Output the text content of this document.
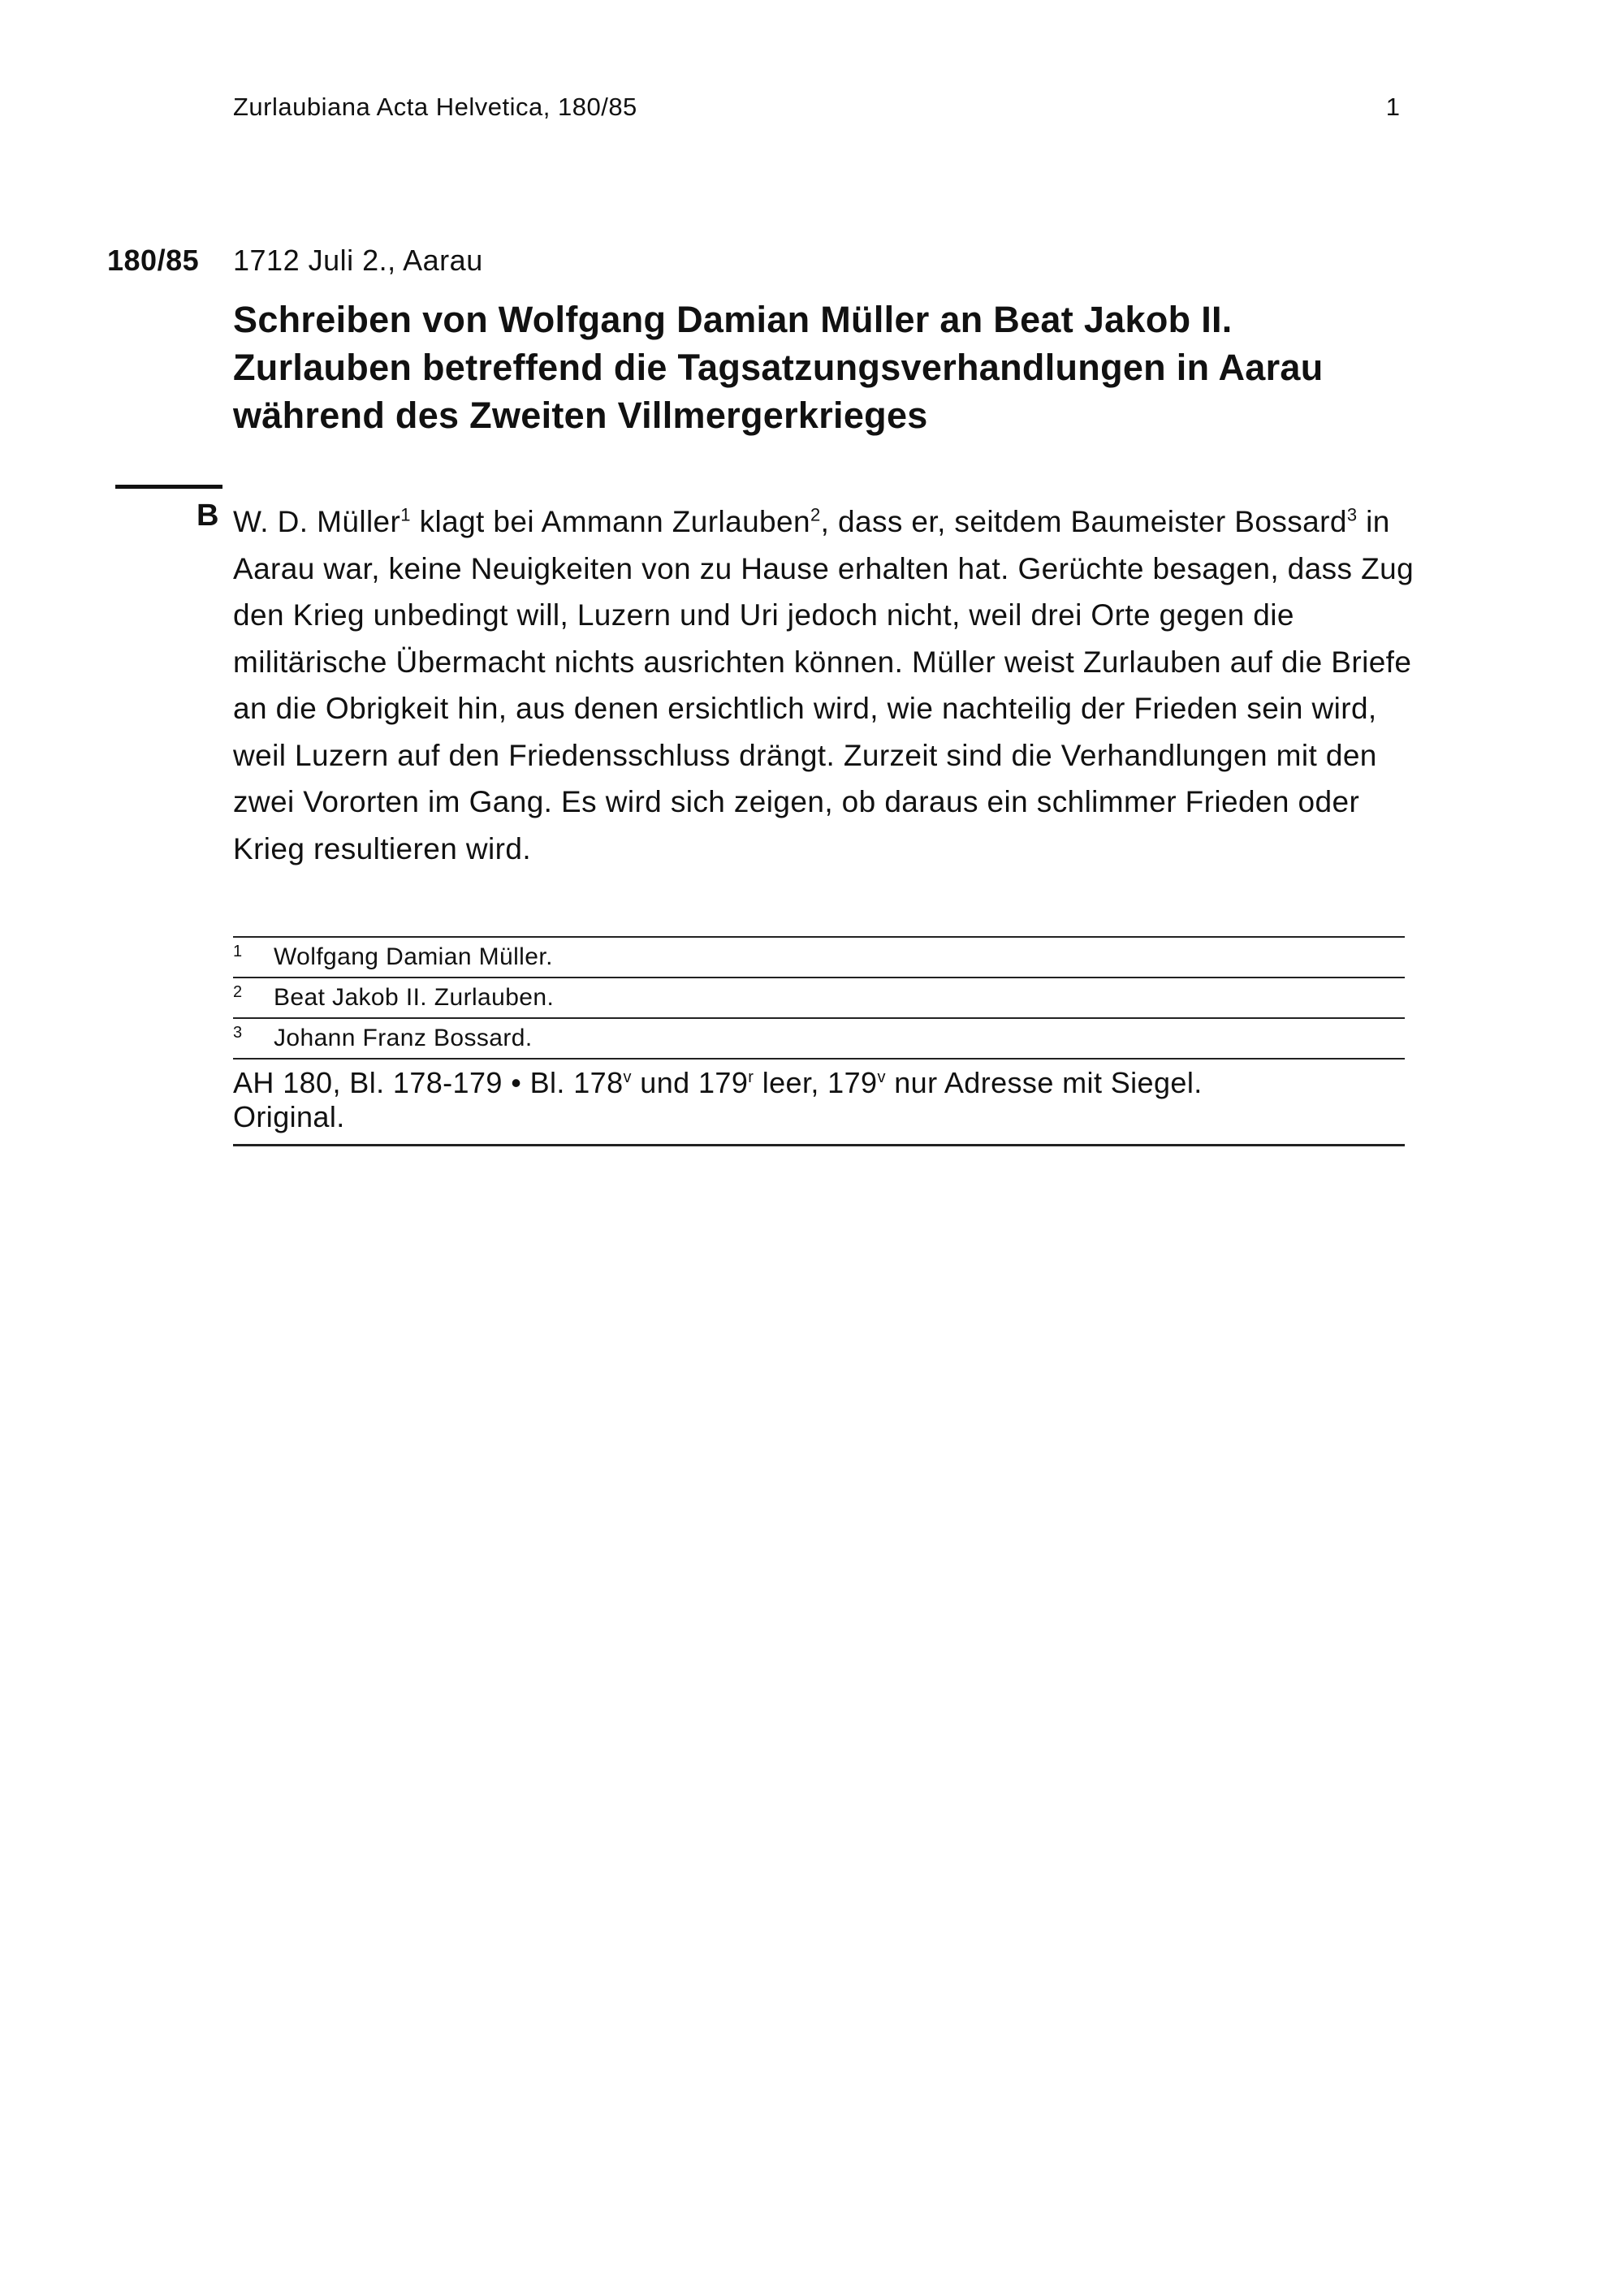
Zurlaubiana Acta Helvetica, 180/85	1
180/85 1712 Juli 2., Aarau
Schreiben von Wolfgang Damian Müller an Beat Jakob II. Zurlauben betreffend die Tagsatzungsverhandlungen in Aarau während des Zweiten Villmergerkrieges
B W. D. Müller$^1$ klagt bei Ammann Zurlauben$^2$, dass er, seitdem Baumeister Bossard$^3$ in Aarau war, keine Neuigkeiten von zu Hause erhalten hat. Gerüchte besagen, dass Zug den Krieg unbedingt will, Luzern und Uri jedoch nicht, weil drei Orte gegen die militärische Übermacht nichts ausrichten können. Müller weist Zurlauben auf die Briefe an die Obrigkeit hin, aus denen ersichtlich wird, wie nachteilig der Frieden sein wird, weil Luzern auf den Friedensschluss drängt. Zurzeit sind die Verhandlungen mit den zwei Vororten im Gang. Es wird sich zeigen, ob daraus ein schlimmer Frieden oder Krieg resultieren wird.

1	Wolfgang Damian Müller.
2	Beat Jakob II. Zurlauben.
3	Johann Franz Bossard.
AH 180, Bl. 178-179 • Bl. 178$^v$ und 179$^r$ leer, 179$^v$ nur Adresse mit Siegel.
Original.
